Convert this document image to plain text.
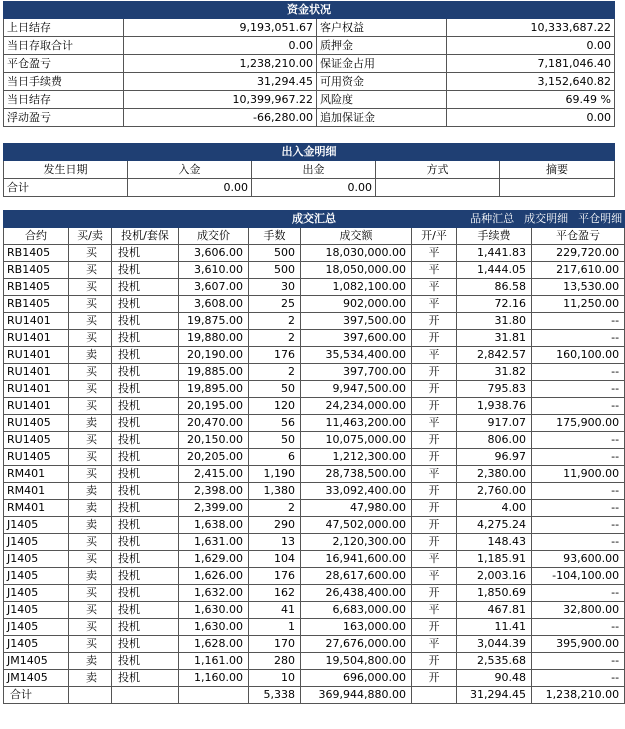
资金状况			
上日结存	9,193,051.67	客户权益	10,333,687.22
当日存取合计	0.00	质押金	0.00
平仓盈亏	1,238,210.00	保证金占用	7,181,046.40
当日手续费	31,294.45	可用资金	3,152,640.82
当日结存	10,399,967.22	风险度	69.49 %
浮动盈亏	-66,280.00	追加保证金	0.00
出入金明细				
发生日期	入金	出金	方式	摘要
合计	0.00	0.00		
成交汇总 品种汇总 成交明细 平仓明细								

合约	买/卖	投机/套保	成交价	手数	成交额	开/平	手续费	平仓盈亏
RB1405	买	投机	3,606.00	500	18,030,000.00	平	1,441.83	229,720.00
RB1405	买	投机	3,610.00	500	18,050,000.00	平	1,444.05	217,610.00
RB1405	买	投机	3,607.00	30	1,082,100.00	平	86.58	13,530.00
RB1405	买	投机	3,608.00	25	902,000.00	平	72.16	11,250.00
RU1401	买	投机	19,875.00	2	397,500.00	开	31.80	--
RU1401	买	投机	19,880.00	2	397,600.00	开	31.81	--
RU1401	卖	投机	20,190.00	176	35,534,400.00	平	2,842.57	160,100.00
RU1401	买	投机	19,885.00	2	397,700.00	开	31.82	--
RU1401	买	投机	19,895.00	50	9,947,500.00	开	795.83	--
RU1401	买	投机	20,195.00	120	24,234,000.00	开	1,938.76	--
RU1405	卖	投机	20,470.00	56	11,463,200.00	平	917.07	175,900.00
RU1405	买	投机	20,150.00	50	10,075,000.00	开	806.00	--
RU1405	买	投机	20,205.00	6	1,212,300.00	开	96.97	--
RM401	买	投机	2,415.00	1,190	28,738,500.00	平	2,380.00	11,900.00
RM401	卖	投机	2,398.00	1,380	33,092,400.00	开	2,760.00	--
RM401	卖	投机	2,399.00	2	47,980.00	开	4.00	--
J1405	卖	投机	1,638.00	290	47,502,000.00	开	4,275.24	--
J1405	买	投机	1,631.00	13	2,120,300.00	开	148.43	--
J1405	买	投机	1,629.00	104	16,941,600.00	平	1,185.91	93,600.00
J1405	卖	投机	1,626.00	176	28,617,600.00	平	2,003.16	-104,100.00
J1405	买	投机	1,632.00	162	26,438,400.00	开	1,850.69	--
J1405	买	投机	1,630.00	41	6,683,000.00	平	467.81	32,800.00
J1405	买	投机	1,630.00	1	163,000.00	开	11.41	--
J1405	买	投机	1,628.00	170	27,676,000.00	平	3,044.39	395,900.00
JM1405	卖	投机	1,161.00	280	19,504,800.00	开	2,535.68	--
JM1405	卖	投机	1,160.00	10	696,000.00	开	90.48	--
合计				5,338	369,944,880.00		31,294.45	1,238,210.00
